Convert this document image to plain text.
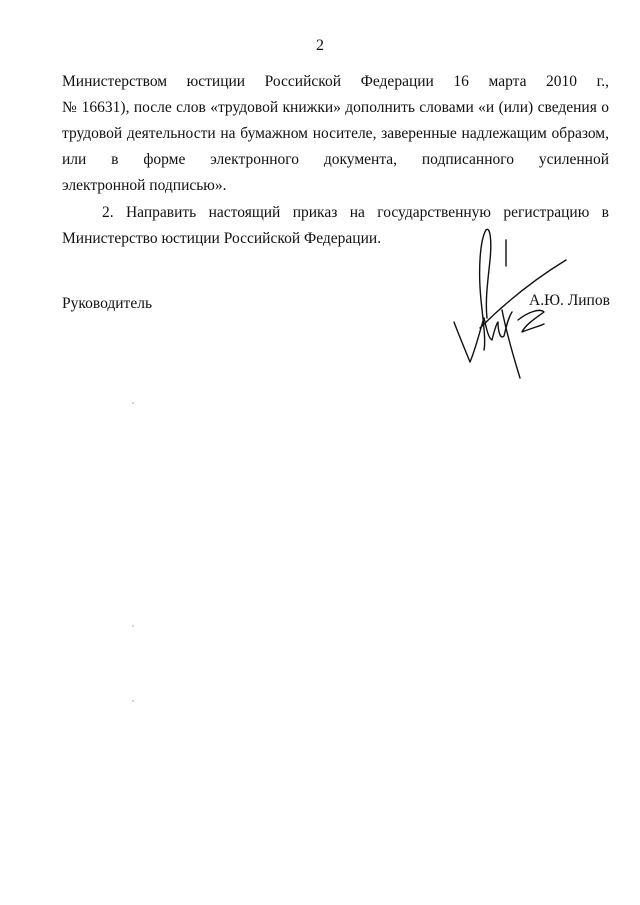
2
Министерством юстиции Российской Федерации 16 марта 2010 г.,
№ 16631), после слов «трудовой книжки» дополнить словами «и (или) сведения о
трудовой деятельности на бумажном носителе, заверенные надлежащим образом,
или в форме электронного документа, подписанного усиленной
электронной подписью».
2. Направить настоящий приказ на государственную регистрацию в
Министерство юстиции Российской Федерации.
Руководитель	А.Ю. Липов
